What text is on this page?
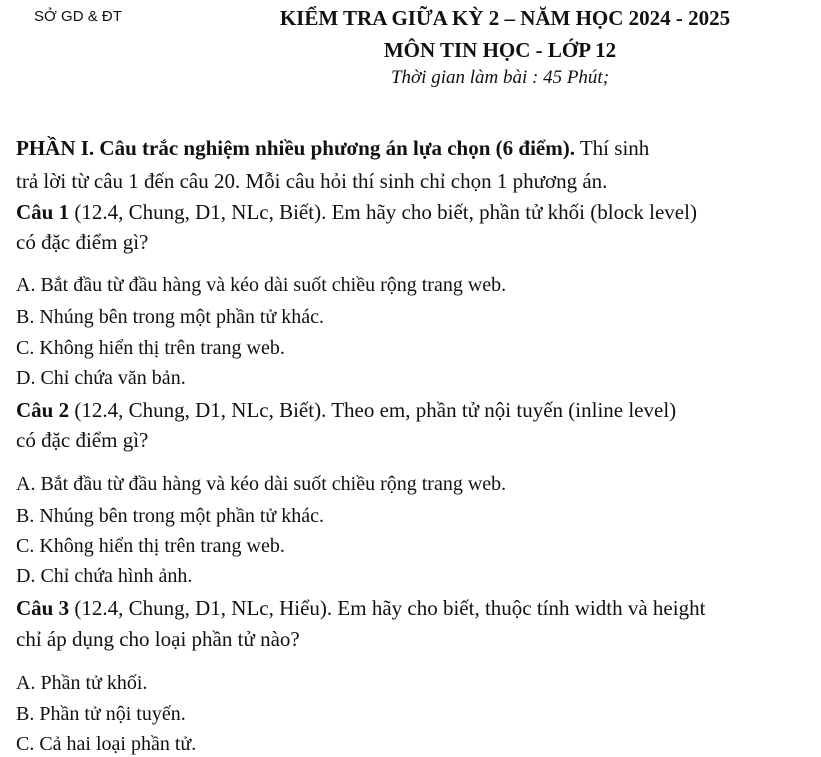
SỞ GD & ĐT	KIỂM TRA GIỮA KỲ 2 – NĂM HỌC 2024 - 2025
MÔN TIN HỌC - LỚP 12
Thời gian làm bài : 45 Phút;
PHẦN I. Câu trắc nghiệm nhiều phương án lựa chọn (6 điểm). Thí sinh
trả lời từ câu 1 đến câu 20. Mỗi câu hỏi thí sinh chỉ chọn 1 phương án.
Câu 1 (12.4, Chung, D1, NLc, Biết). Em hãy cho biết, phần tử khối (block level)
có đặc điểm gì?
A. Bắt đầu từ đầu hàng và kéo dài suốt chiều rộng trang web.
B. Nhúng bên trong một phần tử khác.
C. Không hiển thị trên trang web.
D. Chỉ chứa văn bản.
Câu 2 (12.4, Chung, D1, NLc, Biết). Theo em, phần tử nội tuyến (inline level)
có đặc điểm gì?
A. Bắt đầu từ đầu hàng và kéo dài suốt chiều rộng trang web.
B. Nhúng bên trong một phần tử khác.
C. Không hiển thị trên trang web.
D. Chỉ chứa hình ảnh.
Câu 3 (12.4, Chung, D1, NLc, Hiểu). Em hãy cho biết, thuộc tính width và height
chỉ áp dụng cho loại phần tử nào?
A. Phần tử khối.
B. Phần tử nội tuyến.
C. Cả hai loại phần tử.
